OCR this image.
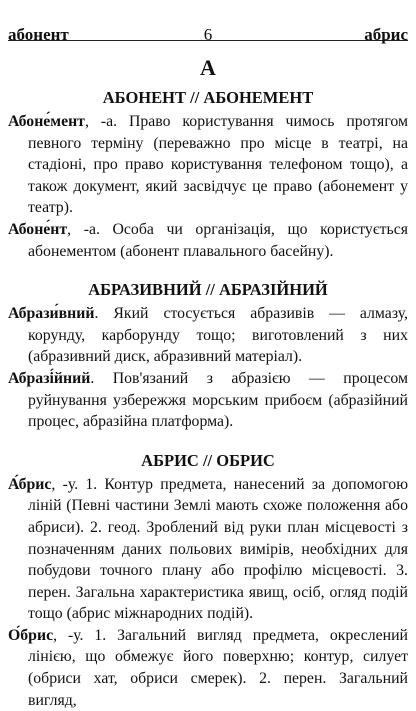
абонент	6	абрис
А
АБОНЕНТ // АБОНЕМЕНТ

Абоне́мент, -а. Право користування чимось протягом певного терміну (переважно про місце в театрі, на стадіоні, про право користування телефоном тощо), а також документ, який засвідчує це право (абонемент у театр).

Абоне́нт, -а. Особа чи організація, що користується абонементом (абонент плавального басейну).

АБРАЗИВНИЙ // АБРАЗІЙНИЙ

Абрази́вний. Який стосується абразивів — алмазу, корунду, карборунду тощо; виготовлений з них (абразивний диск, абразивний матеріал).

Абразі́йний. Пов'язаний з абразією — процесом руйнування узбережжя морським прибоєм (абразійний процес, абразійна платформа).

АБРИС // ОБРИС

А́брис, -у. 1. Контур предмета, нанесений за допомогою ліній (Певні частини Землі мають схоже положення або абриси). 2. геод. Зроблений від руки план місцевості з позначенням даних польових вимірів, необхідних для побудови точного плану або профілю місцевості. 3. перен. Загальна характеристика явищ, осіб, огляд подій тощо (абрис міжнародних подій).

О́брис, -у. 1. Загальний вигляд предмета, окреслений лінією, що обмежує його поверхню; контур, силует (обриси хат, обриси смерек). 2. перен. Загальний вигляд,
